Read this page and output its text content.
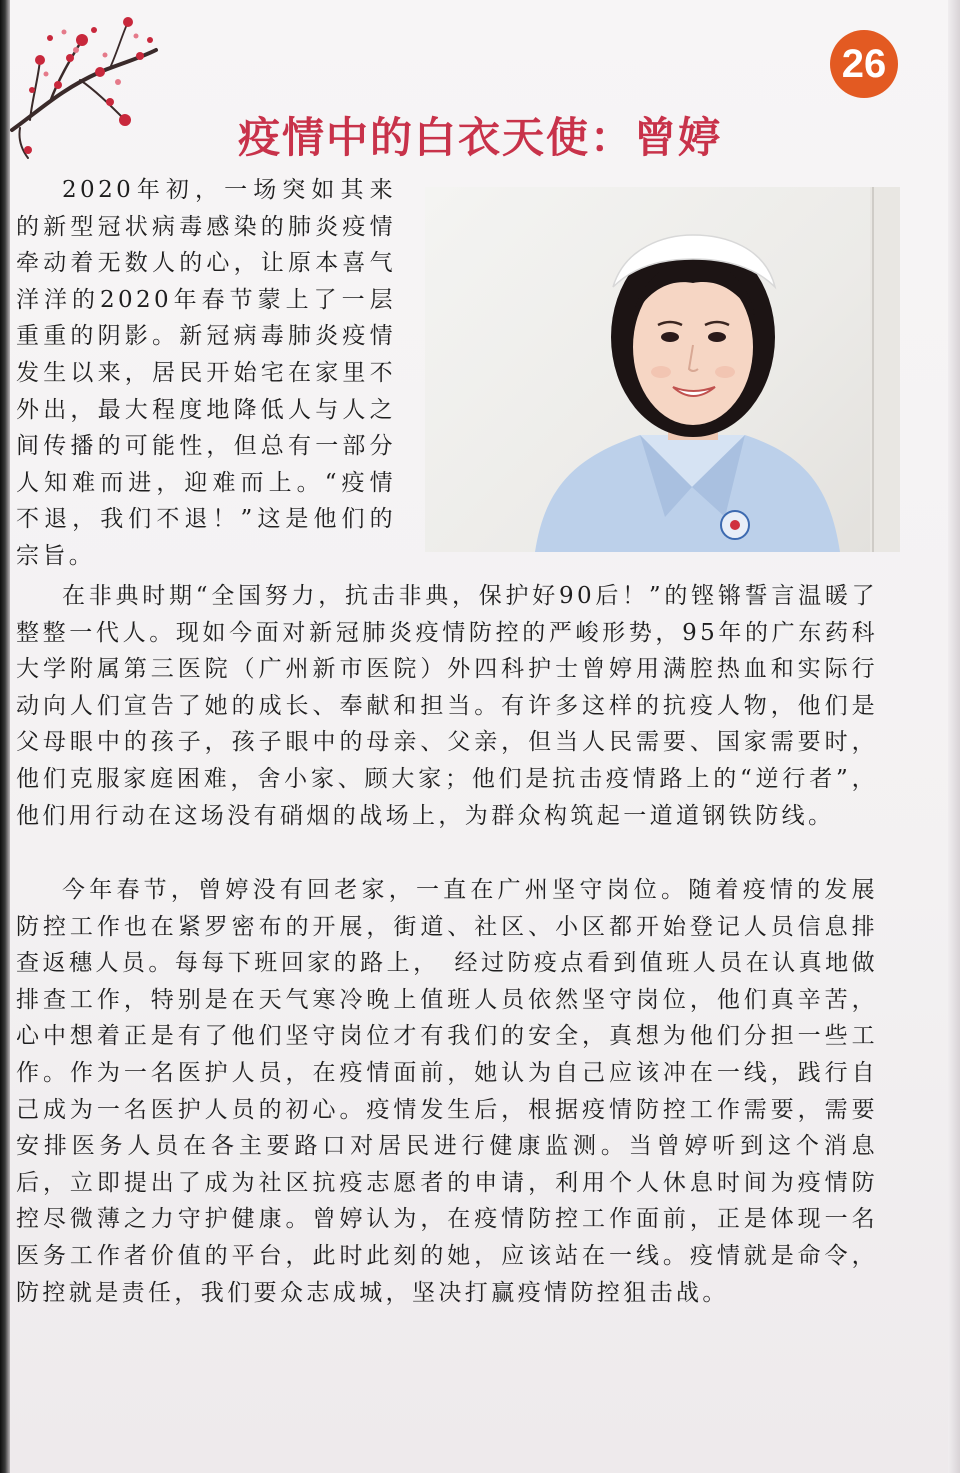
26
疫情中的白衣天使：曾婷
2020年初，一场突如其来的新型冠状病毒感染的肺炎疫情牵动着无数人的心，让原本喜气洋洋的2020年春节蒙上了一层重重的阴影。新冠病毒肺炎疫情发生以来，居民开始宅在家里不外出，最大程度地降低人与人之间传播的可能性，但总有一部分人知难而进，迎难而上。“疫情不退，我们不退！”这是他们的宗旨。
在非典时期“全国努力，抗击非典，保护好90后！”的铿锵誓言温暖了整整一代人。现如今面对新冠肺炎疫情防控的严峻形势，95年的广东药科大学附属第三医院（广州新市医院）外四科护士曾婷用满腔热血和实际行动向人们宣告了她的成长、奉献和担当。有许多这样的抗疫人物，他们是父母眼中的孩子，孩子眼中的母亲、父亲，但当人民需要、国家需要时，他们克服家庭困难，舍小家、顾大家；他们是抗击疫情路上的“逆行者”，他们用行动在这场没有硝烟的战场上，为群众构筑起一道道钢铁防线。
今年春节，曾婷没有回老家，一直在广州坚守岗位。随着疫情的发展防控工作也在紧罗密布的开展，街道、社区、小区都开始登记人员信息排查返穗人员。每每下班回家的路上，　经过防疫点看到值班人员在认真地做排查工作，特别是在天气寒冷晚上值班人员依然坚守岗位，他们真辛苦，心中想着正是有了他们坚守岗位才有我们的安全，真想为他们分担一些工作。作为一名医护人员，在疫情面前，她认为自己应该冲在一线，践行自己成为一名医护人员的初心。疫情发生后，根据疫情防控工作需要，需要安排医务人员在各主要路口对居民进行健康监测。当曾婷听到这个消息后，立即提出了成为社区抗疫志愿者的申请，利用个人休息时间为疫情防控尽微薄之力守护健康。曾婷认为，在疫情防控工作面前，正是体现一名医务工作者价值的平台，此时此刻的她，应该站在一线。疫情就是命令，防控就是责任，我们要众志成城，坚决打赢疫情防控狙击战。
